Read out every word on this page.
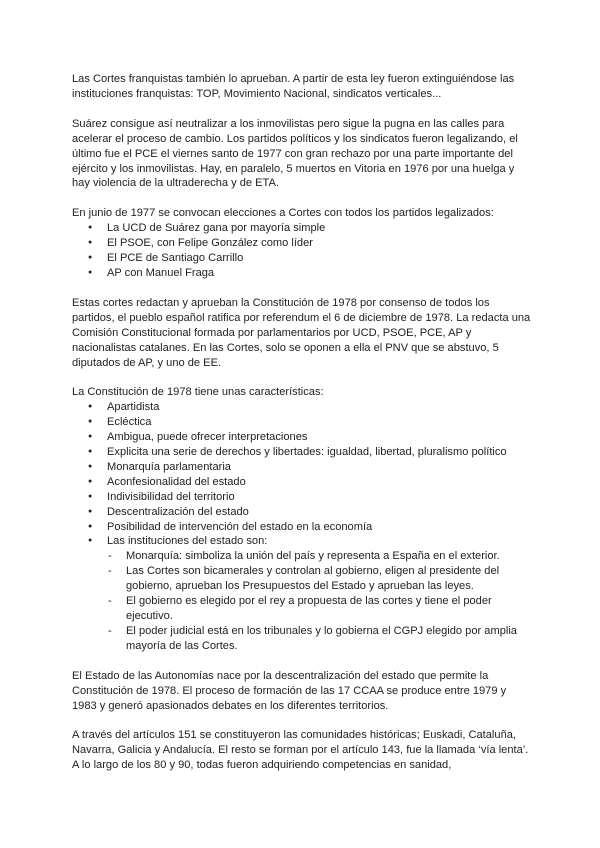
Las Cortes franquistas también lo aprueban. A partir de esta ley fueron extinguiéndose las instituciones franquistas: TOP, Movimiento Nacional, sindicatos verticales...

Suárez consigue así neutralizar a los inmovilistas pero sigue la pugna en las calles para acelerar el proceso de cambio. Los partidos políticos y los sindicatos fueron legalizando, el último fue el PCE el viernes santo de 1977 con gran rechazo por una parte importante del ejército y los inmovilistas. Hay, en paralelo, 5 muertos en Vitoria en 1976 por una huelga y hay violencia de la ultraderecha y de ETA.

En junio de 1977 se convocan elecciones a Cortes con todos los partidos legalizados:

● La UCD de Suárez gana por mayoría simple
● El PSOE, con Felipe González como líder
● El PCE de Santiago Carrillo
● AP con Manuel Fraga

Estas cortes redactan y aprueban la Constitución de 1978 por consenso de todos los partidos, el pueblo español ratifica por referendum el 6 de diciembre de 1978. La redacta una Comisión Constitucional formada por parlamentarios por UCD, PSOE, PCE, AP y nacionalistas catalanes. En las Cortes, solo se oponen a ella el PNV que se abstuvo, 5 diputados de AP, y uno de EE.

La Constitución de 1978 tiene unas características:

● Apartidista
● Ecléctica
● Ambigua, puede ofrecer interpretaciones
● Explicita una serie de derechos y libertades: igualdad, libertad, pluralismo político
● Monarquía parlamentaria
● Aconfesionalidad del estado
● Indivisibilidad del territorio
● Descentralización del estado
● Posibilidad de intervención del estado en la economía
● Las instituciones del estado son:
- Monarquía: simboliza la unión del país y representa a España en el exterior.
- Las Cortes son bicamerales y controlan al gobierno, eligen al presidente del gobierno, aprueban los Presupuestos del Estado y aprueban las leyes.
- El gobierno es elegido por el rey a propuesta de las cortes y tiene el poder ejecutivo.
- El poder judicial está en los tribunales y lo gobierna el CGPJ elegido por amplia mayoría de las Cortes.

El Estado de las Autonomías nace por la descentralización del estado que permite la Constitución de 1978. El proceso de formación de las 17 CCAA se produce entre 1979 y 1983 y generó apasionados debates en los diferentes territorios.

A través del artículos 151 se constituyeron las comunidades históricas; Euskadi, Cataluña, Navarra, Galicia y Andalucía. El resto se forman por el artículo 143, fue la llamada ‘vía lenta’. A lo largo de los 80 y 90, todas fueron adquiriendo competencias en sanidad,
